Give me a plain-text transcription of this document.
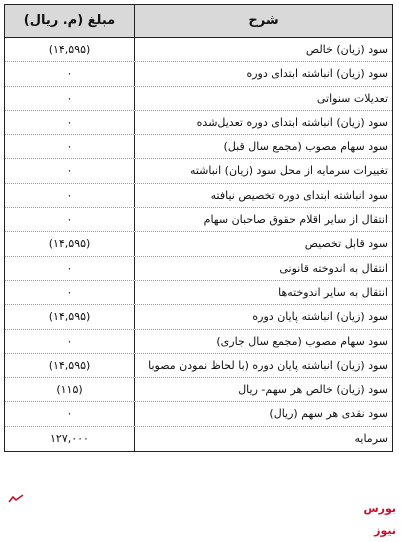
شرح
مبلغ (م. ریال)
سود (زیان) خالص
(۱۴,۵۹۵)
سود (زیان) انباشته ابتدای دوره
۰
تعدیلات سنواتی
۰
سود (زیان) انباشته ابتدای دوره تعدیل‌شده
۰
سود سهام مصوب (مجمع سال قبل)
۰
تغییرات سرمایه از محل سود (زیان) انباشته
۰
سود انباشته ابتدای دوره تخصیص نیافته
۰
انتقال از سایر اقلام حقوق صاحبان سهام
۰
سود قابل تخصیص
(۱۴,۵۹۵)
انتقال به اندوخته قانونی
۰
انتقال به سایر اندوخته‌ها
۰
سود (زیان) انباشته پایان دوره
(۱۴,۵۹۵)
سود سهام مصوب (مجمع سال جاری)
۰
سود (زیان) انباشته پایان دوره (با لحاظ نمودن مصوبا
(۱۴,۵۹۵)
سود (زیان) خالص هر سهم- ریال
(۱۱۵)
سود نقدی هر سهم (ریال)
۰
سرمایه
۱۲۷,۰۰۰
بورس نیوز
